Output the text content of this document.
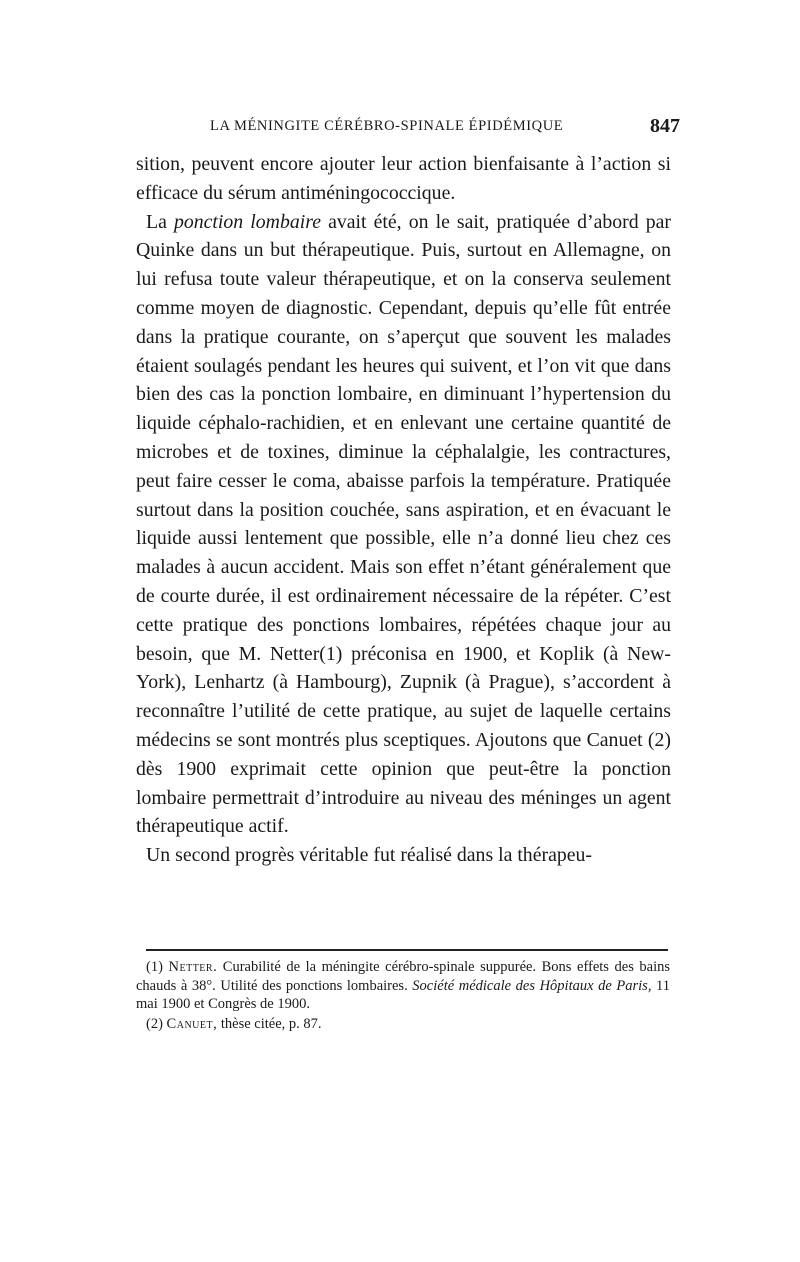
LA MÉNINGITE CÉRÉBRO-SPINALE ÉPIDÉMIQUE	847

sition, peuvent encore ajouter leur action bienfaisante à l’action si efficace du sérum antiméningococcique.

La ponction lombaire avait été, on le sait, pratiquée d’abord par Quinke dans un but thérapeutique. Puis, surtout en Allemagne, on lui refusa toute valeur thérapeutique, et on la conserva seulement comme moyen de diagnostic. Cependant, depuis qu’elle fût entrée dans la pratique courante, on s’aperçut que souvent les malades étaient soulagés pendant les heures qui suivent, et l’on vit que dans bien des cas la ponction lombaire, en diminuant l’hypertension du liquide céphalo-rachidien, et en enlevant une certaine quantité de microbes et de toxines, diminue la céphalalgie, les contractures, peut faire cesser le coma, abaisse parfois la température. Pratiquée surtout dans la position couchée, sans aspiration, et en évacuant le liquide aussi lentement que possible, elle n’a donné lieu chez ces malades à aucun accident. Mais son effet n’étant généralement que de courte durée, il est ordinairement nécessaire de la répéter. C’est cette pratique des ponctions lombaires, répétées chaque jour au besoin, que M. Netter(1) préconisa en 1900, et Koplik (à New-York), Lenhartz (à Hambourg), Zupnik (à Prague), s’accordent à reconnaître l’utilité de cette pratique, au sujet de laquelle certains médecins se sont montrés plus sceptiques. Ajoutons que Canuet (2) dès 1900 exprimait cette opinion que peut-être la ponction lombaire permettrait d’introduire au niveau des méninges un agent thérapeutique actif.

Un second progrès véritable fut réalisé dans la thérapeu-

(1) Netter. Curabilité de la méningite cérébro-spinale suppurée. Bons effets des bains chauds à 38°. Utilité des ponctions lombaires. Société médicale des Hôpitaux de Paris, 11 mai 1900 et Congrès de 1900.

(2) Canuet, thèse citée, p. 87.
